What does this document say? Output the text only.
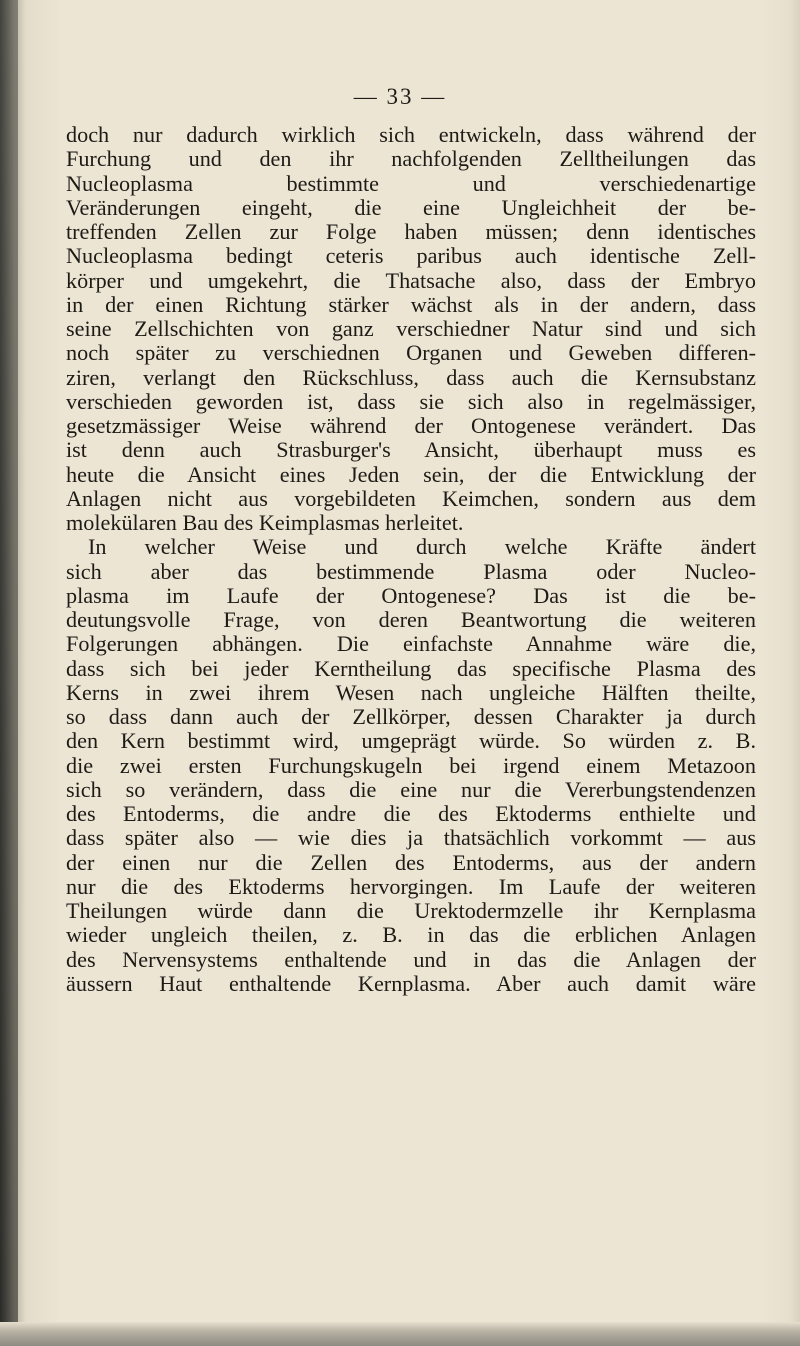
— 33 —
doch nur dadurch wirklich sich entwickeln, dass während der
Furchung und den ihr nachfolgenden Zelltheilungen das
Nucleoplasma bestimmte und verschiedenartige
Veränderungen eingeht, die eine Ungleichheit der be-
treffenden Zellen zur Folge haben müssen; denn identisches
Nucleoplasma bedingt ceteris paribus auch identische Zell-
körper und umgekehrt, die Thatsache also, dass der Embryo
in der einen Richtung stärker wächst als in der andern, dass
seine Zellschichten von ganz verschiedner Natur sind und sich
noch später zu verschiednen Organen und Geweben differen-
ziren, verlangt den Rückschluss, dass auch die Kernsubstanz
verschieden geworden ist, dass sie sich also in regelmässiger,
gesetzmässiger Weise während der Ontogenese verändert. Das
ist denn auch Strasburger's Ansicht, überhaupt muss es
heute die Ansicht eines Jeden sein, der die Entwicklung der
Anlagen nicht aus vorgebildeten Keimchen, sondern aus dem
molekülaren Bau des Keimplasmas herleitet.
In welcher Weise und durch welche Kräfte ändert
sich aber das bestimmende Plasma oder Nucleo-
plasma im Laufe der Ontogenese? Das ist die be-
deutungsvolle Frage, von deren Beantwortung die weiteren
Folgerungen abhängen. Die einfachste Annahme wäre die,
dass sich bei jeder Kerntheilung das specifische Plasma des
Kerns in zwei ihrem Wesen nach ungleiche Hälften theilte,
so dass dann auch der Zellkörper, dessen Charakter ja durch
den Kern bestimmt wird, umgeprägt würde. So würden z. B.
die zwei ersten Furchungskugeln bei irgend einem Metazoon
sich so verändern, dass die eine nur die Vererbungstendenzen
des Entoderms, die andre die des Ektoderms enthielte und
dass später also — wie dies ja thatsächlich vorkommt — aus
der einen nur die Zellen des Entoderms, aus der andern
nur die des Ektoderms hervorgingen. Im Laufe der weiteren
Theilungen würde dann die Urektodermzelle ihr Kernplasma
wieder ungleich theilen, z. B. in das die erblichen Anlagen
des Nervensystems enthaltende und in das die Anlagen der
äussern Haut enthaltende Kernplasma. Aber auch damit wäre
